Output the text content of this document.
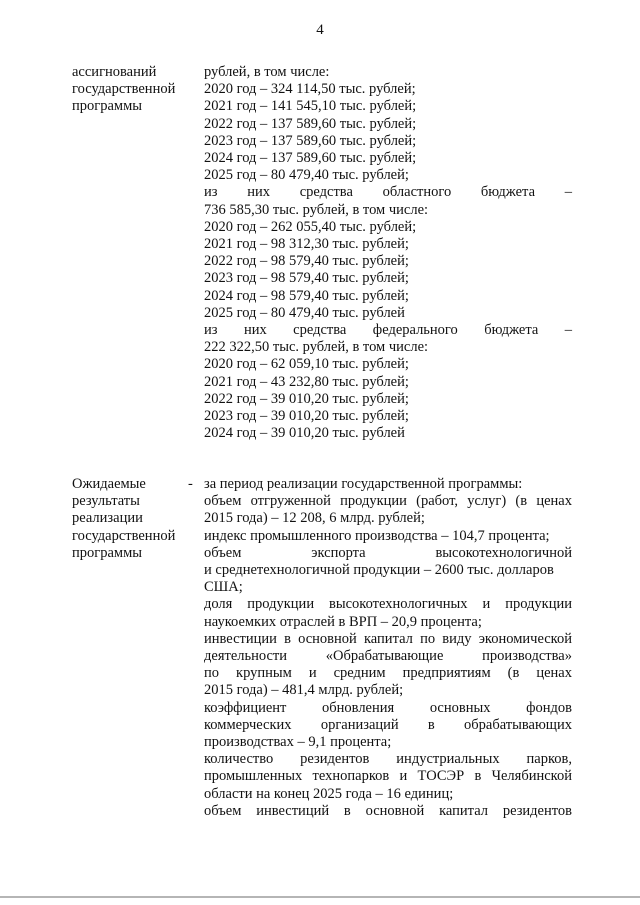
4
ассигнований
государственной
программы
рублей, в том числе:
2020 год – 324 114,50 тыс. рублей;
2021 год – 141 545,10 тыс. рублей;
2022 год – 137 589,60 тыс. рублей;
2023 год – 137 589,60 тыс. рублей;
2024 год – 137 589,60 тыс. рублей;
2025 год – 80 479,40 тыс. рублей;
из них средства областного бюджета –
736 585,30 тыс. рублей, в том числе:
2020 год – 262 055,40 тыс. рублей;
2021 год – 98 312,30 тыс. рублей;
2022 год – 98 579,40 тыс. рублей;
2023 год – 98 579,40 тыс. рублей;
2024 год – 98 579,40 тыс. рублей;
2025 год – 80 479,40 тыс. рублей
из них средства федерального бюджета –
222 322,50 тыс. рублей, в том числе:
2020 год – 62 059,10 тыс. рублей;
2021 год – 43 232,80 тыс. рублей;
2022 год – 39 010,20 тыс. рублей;
2023 год – 39 010,20 тыс. рублей;
2024 год – 39 010,20 тыс. рублей
Ожидаемые
результаты
реализации
государственной
программы
- за период реализации государственной программы:
объем отгруженной продукции (работ, услуг) (в ценах
2015 года) – 12 208, 6 млрд. рублей;
индекс промышленного производства – 104,7 процента;
объем экспорта высокотехнологичной
и среднетехнологичной продукции – 2600 тыс. долларов
США;
доля продукции высокотехнологичных и продукции
наукоемких отраслей в ВРП – 20,9 процента;
инвестиции в основной капитал по виду экономической
деятельности «Обрабатывающие производства»
по крупным и средним предприятиям (в ценах
2015 года) – 481,4 млрд. рублей;
коэффициент обновления основных фондов
коммерческих организаций в обрабатывающих
производствах – 9,1 процента;
количество резидентов индустриальных парков,
промышленных технопарков и ТОСЭР в Челябинской
области на конец 2025 года – 16 единиц;
объем инвестиций в основной капитал резидентов
